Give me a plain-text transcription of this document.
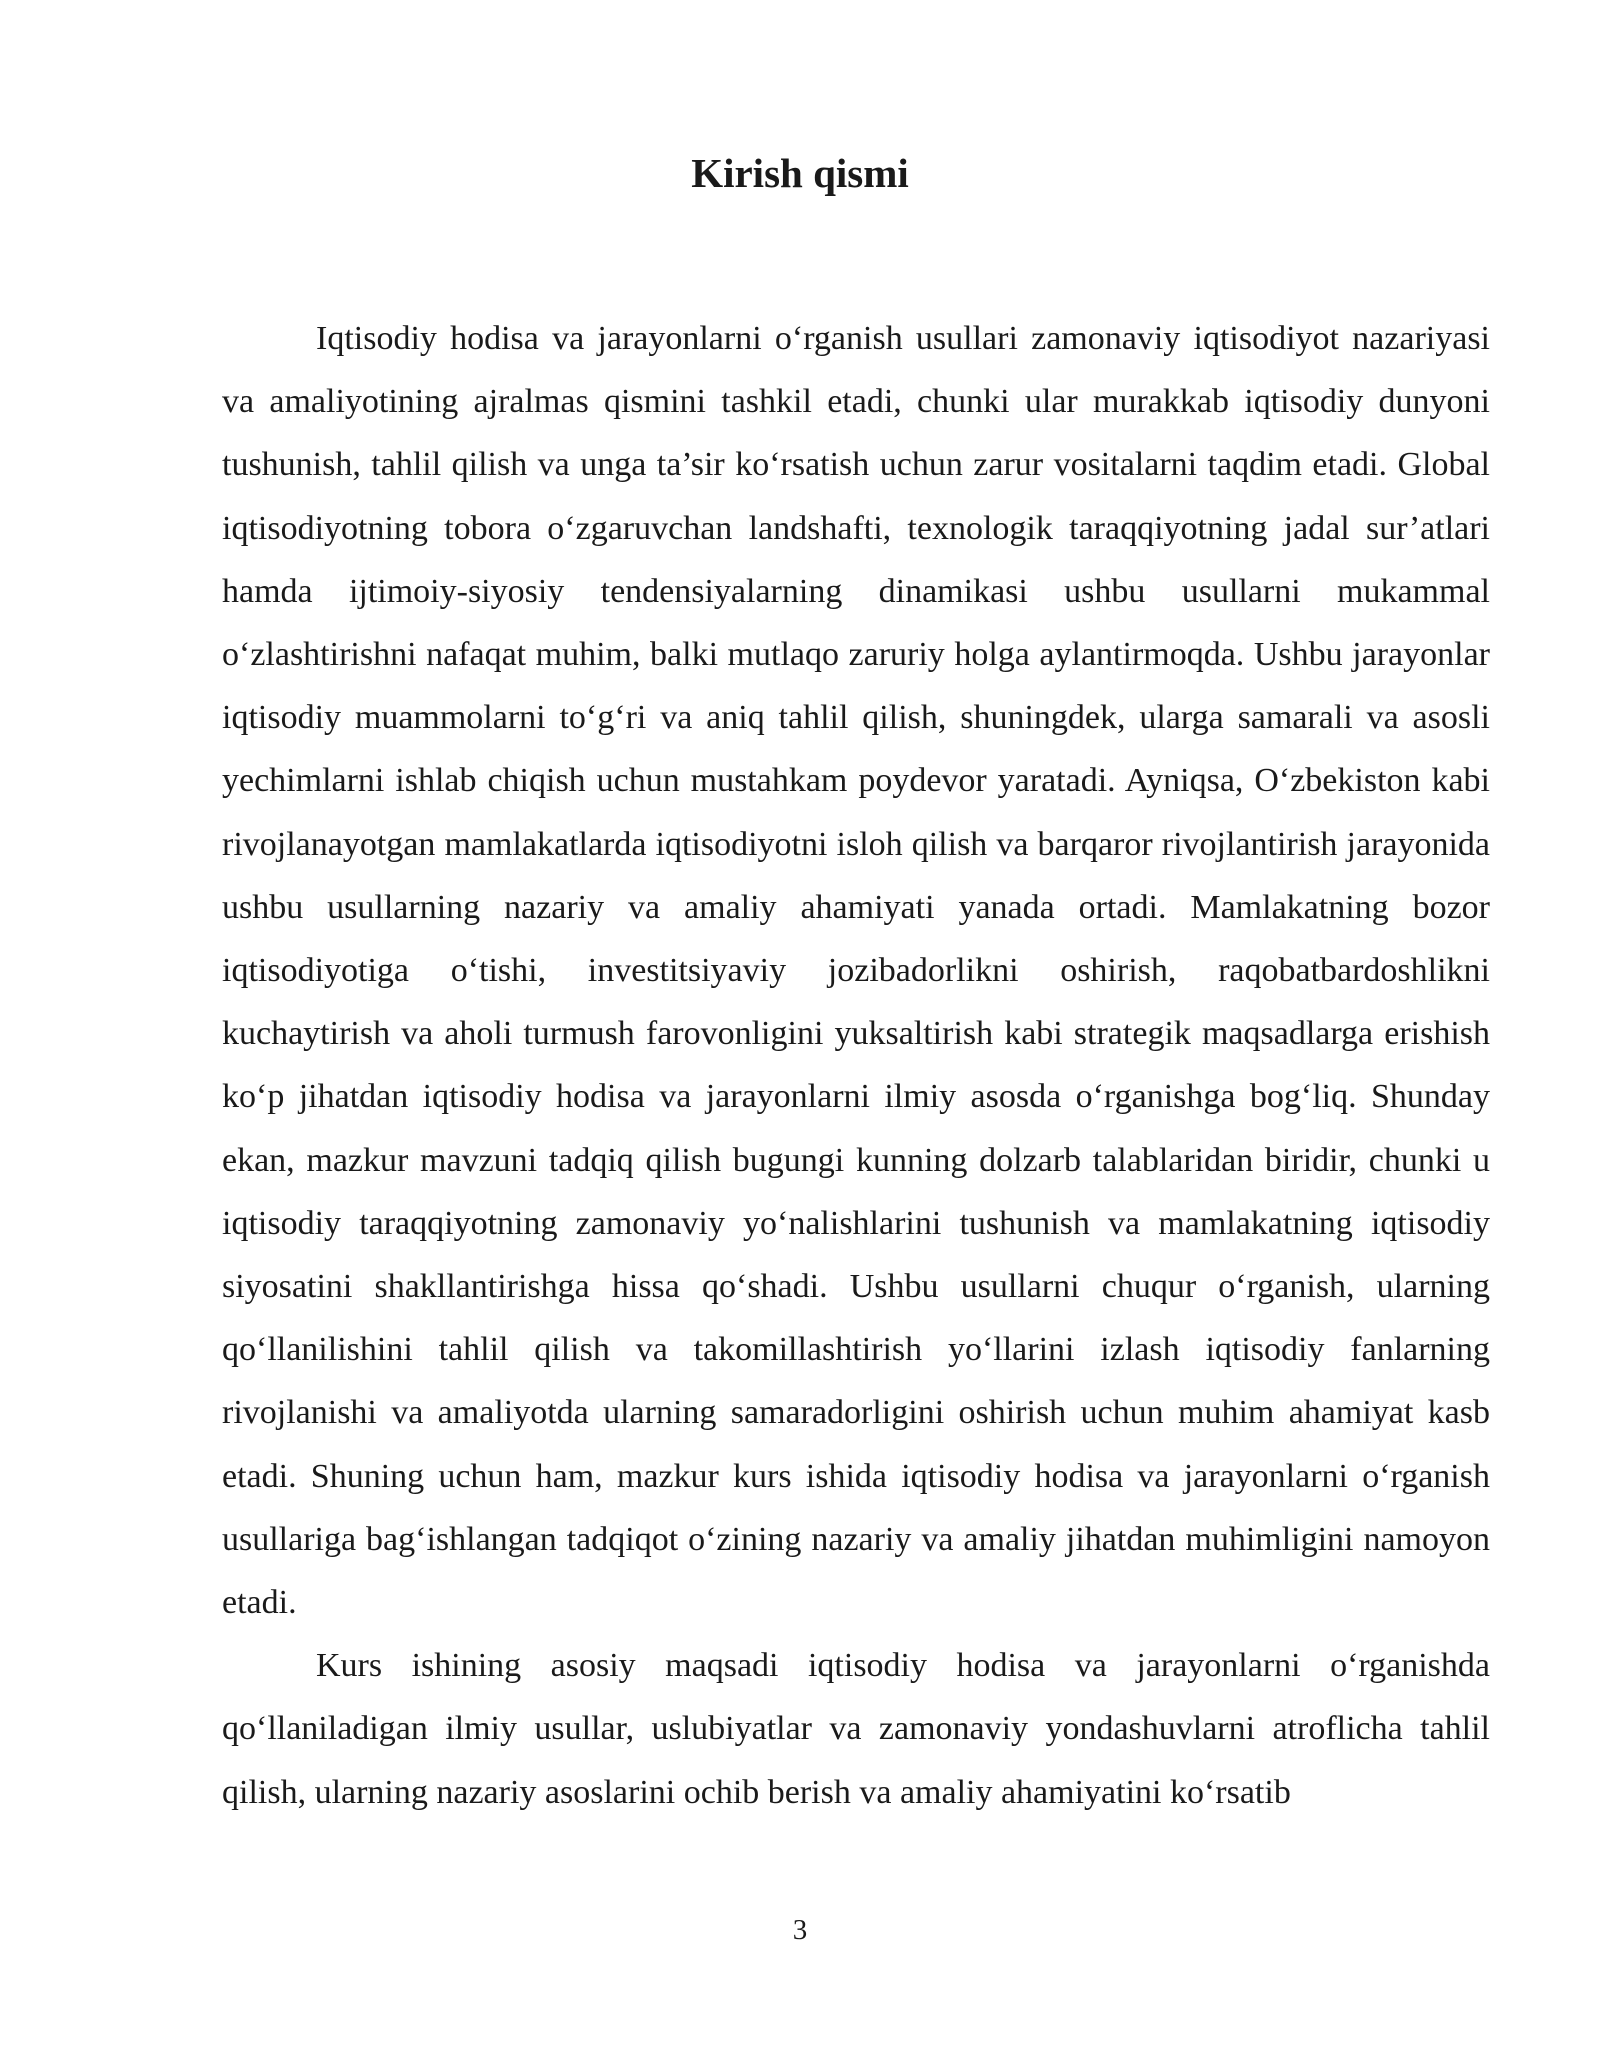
Kirish qismi

Iqtisodiy hodisa va jarayonlarni o‘rganish usullari zamonaviy iqtisodiyot nazariyasi va amaliyotining ajralmas qismini tashkil etadi, chunki ular murakkab iqtisodiy dunyoni tushunish, tahlil qilish va unga ta’sir ko‘rsatish uchun zarur vositalarni taqdim etadi. Global iqtisodiyotning tobora o‘zgaruvchan landshafti, texnologik taraqqiyotning jadal sur’atlari hamda ijtimoiy-siyosiy tendensiyalarning dinamikasi ushbu usullarni mukammal o‘zlashtirishni nafaqat muhim, balki mutlaqo zaruriy holga aylantirmoqda. Ushbu jarayonlar iqtisodiy muammolarni to‘g‘ri va aniq tahlil qilish, shuningdek, ularga samarali va asosli yechimlarni ishlab chiqish uchun mustahkam poydevor yaratadi. Ayniqsa, O‘zbekiston kabi rivojlanayotgan mamlakatlarda iqtisodiyotni isloh qilish va barqaror rivojlantirish jarayonida ushbu usullarning nazariy va amaliy ahamiyati yanada ortadi. Mamlakatning bozor iqtisodiyotiga o‘tishi, investitsiyaviy jozibadorlikni oshirish, raqobatbardoshlikni kuchaytirish va aholi turmush farovonligini yuksaltirish kabi strategik maqsadlarga erishish ko‘p jihatdan iqtisodiy hodisa va jarayonlarni ilmiy asosda o‘rganishga bog‘liq. Shunday ekan, mazkur mavzuni tadqiq qilish bugungi kunning dolzarb talablaridan biridir, chunki u iqtisodiy taraqqiyotning zamonaviy yo‘nalishlarini tushunish va mamlakatning iqtisodiy siyosatini shakllantirishga hissa qo‘shadi. Ushbu usullarni chuqur o‘rganish, ularning qo‘llanilishini tahlil qilish va takomillashtirish yo‘llarini izlash iqtisodiy fanlarning rivojlanishi va amaliyotda ularning samaradorligini oshirish uchun muhim ahamiyat kasb etadi. Shuning uchun ham, mazkur kurs ishida iqtisodiy hodisa va jarayonlarni o‘rganish usullariga bag‘ishlangan tadqiqot o‘zining nazariy va amaliy jihatdan muhimligini namoyon etadi.

Kurs ishining asosiy maqsadi iqtisodiy hodisa va jarayonlarni o‘rganishda qo‘llaniladigan ilmiy usullar, uslubiyatlar va zamonaviy yondashuvlarni atroflicha tahlil qilish, ularning nazariy asoslarini ochib berish va amaliy ahamiyatini ko‘rsatib

3
